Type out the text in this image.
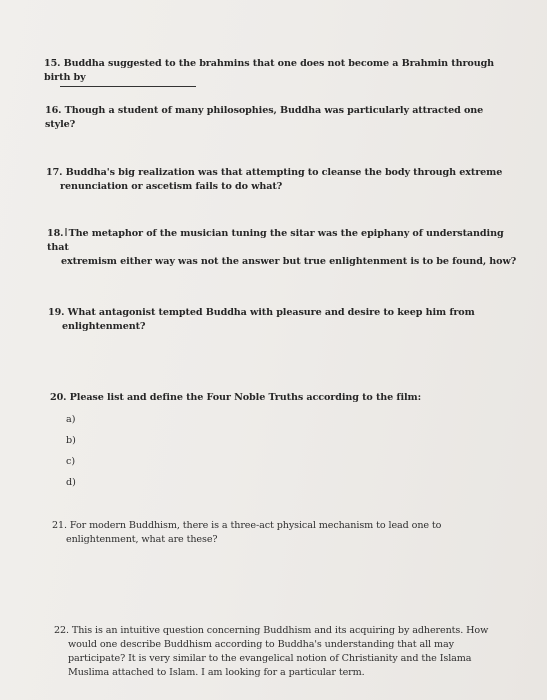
15. Buddha suggested to the brahmins that one does not become a Brahmin through birth by
16. Though a student of many philosophies, Buddha was particularly attracted one style?
17. Buddha's big realization was that attempting to cleanse the body through extreme
renunciation or ascetism fails to do what?
18.IThe metaphor of the musician tuning the sitar was the epiphany of understanding that
extremism either way was not the answer but true enlightenment is to be found, how?
19. What antagonist tempted Buddha with pleasure and desire to keep him from
enlightenment?
20. Please list and define the Four Noble Truths according to the film:
a)
b)
c)
d)
21. For modern Buddhism, there is a three-act physical mechanism to lead one to
enlightenment, what are these?
22. This is an intuitive question concerning Buddhism and its acquiring by adherents. How
would one describe Buddhism according to Buddha's understanding that all may
participate? It is very similar to the evangelical notion of Christianity and the Islama
Muslima attached to Islam. I am looking for a particular term.
